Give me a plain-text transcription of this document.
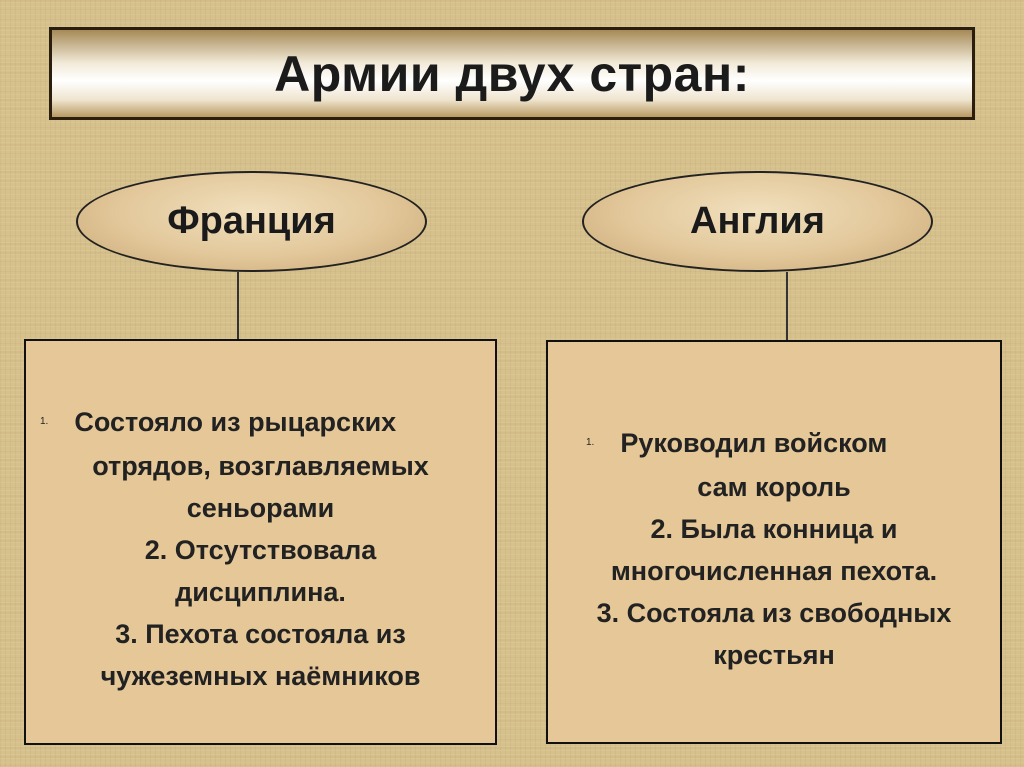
Армии двух стран:
Франция	Англия
1. Состояло из рыцарских
отрядов, возглавляемых
сеньорами
2. Отсутствовала
дисциплина.
3. Пехота состояла из
чужеземных наёмников
1. Руководил войском
сам король
2. Была конница и
многочисленная пехота.
3. Состояла из свободных
крестьян
